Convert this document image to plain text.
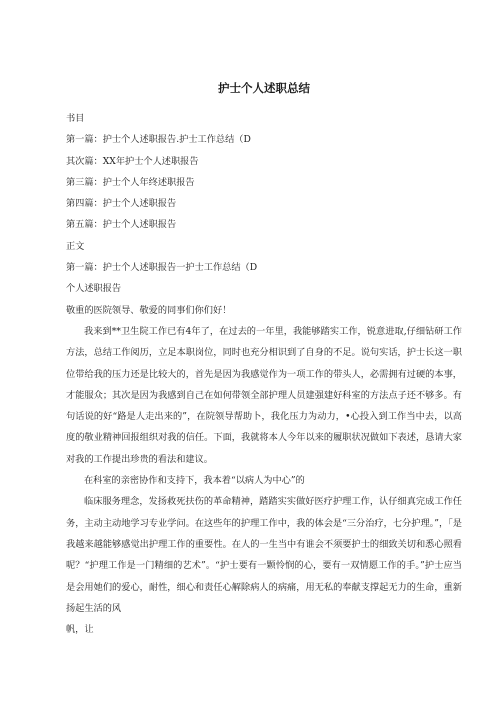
护士个人述职总结
书目
第一篇：护士个人述职报告.护士工作总结（D
其次篇：XX年护士个人述职报告
第三篇：护士个人年终述职报告
第四篇：护士个人述职报告
第五篇：护士个人述职报告
正文
第一篇：护士个人述职报告一护士工作总结（D
个人述职报告
敬重的医院领导、敬爱的同事们你们好！

我来到**卫生院工作已有4年了，在过去的一年里，我能够踏实工作，锐意进取,仔细钻研工作方法，总结工作阅历，立足本职岗位，同时也充分相识到了自身的不足。说句实话，护士长这一职位带给我的压力还是比较大的，首先是因为我感觉作为一项工作的带头人，必需拥有过硬的本事，才能服众；其次是因为我感到自己在如何带领全部护理人员建强建好科室的方法点子还不够多。有句话说的好“路是人走出来的”，在院领导帮助卜，我化压力为动力，•心投入到工作当中去，以高度的敬业精神回报组织对我的信任。下面，我就将本人今年以来的履职状况做如下表述，恳请大家对我的工作提出珍贵的看法和建议。

在科室的亲密协作和支持下，我本着“以病人为中心”的

临床服务理念，发扬救死扶伤的革命精神，踏踏实实做好医疗护理工作，认仔细真完成工作任务，主动主动地学习专业学问。在这些年的护理工作中，我的体会是“三分治疗，七分护理。”，「是我越来越能够感觉出护理工作的重要性。在人的一生当中有谁会不须要护士的细致关切和悉心照看呢？“护理工作是一门精细的艺术”。“护士要有一颗怜悯的心，要有一双情愿工作的手。”护士应当是会用她们的爱心，耐性，细心和责任心解除病人的病痛，用无私的奉献支撑起无力的生命，重新扬起生活的风

帆，让
